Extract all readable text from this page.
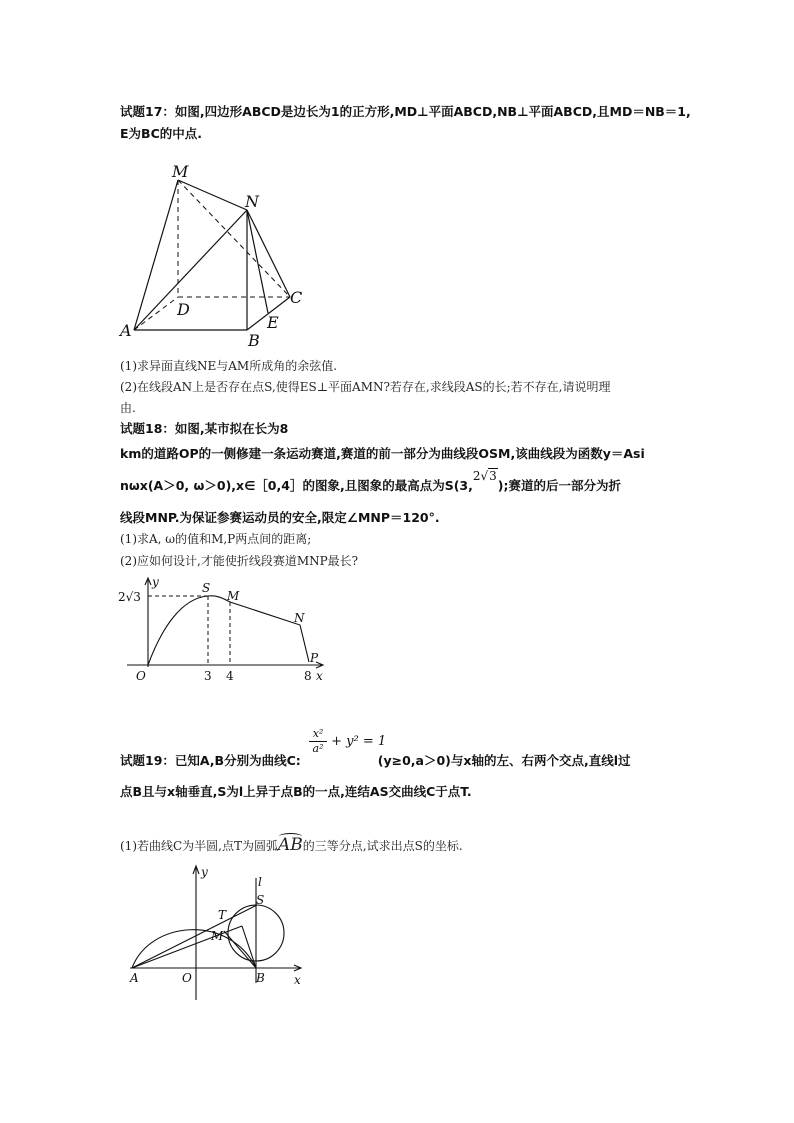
试题17：如图,四边形ABCD是边长为1的正方形,MD⊥平面ABCD,NB⊥平面ABCD,且MD＝NB＝1,
E为BC的中点.
M
N
D
C
A
B
E
(1)求异面直线NE与AM所成角的余弦值.
(2)在线段AN上是否存在点S,使得ES⊥平面AMN?若存在,求线段AS的长;若不存在,请说明理
由.
试题18：如图,某市拟在长为8
km的道路OP的一侧修建一条运动赛道,赛道的前一部分为曲线段OSM,该曲线段为函数y＝Asi
nωx(A＞0, ω＞0),x∈［0,4］的图象,且图象的最高点为S(3,2√3);赛道的后一部分为折
线段MNP.为保证参赛运动员的安全,限定∠MNP＝120°.
(1)求A, ω的值和M,P两点间的距离;
(2)应如何设计,才能使折线段赛道MNP最长?
2√3
y
x
O	3 4	8
S
M
N
P
$\frac{\text{x²}}{\text{a²}} + y^2 = 1$
试题19：已知A,B分别为曲线C:	(y≥0,a＞0)与x轴的左、右两个交点,直线l过
点B且与x轴垂直,S为l上异于点B的一点,连结AS交曲线C于点T.
(1)若曲线C为半圆,点T为圆弧AB的三等分点,试求出点S的坐标.
y
x
l
S
T
M
A	O	B
